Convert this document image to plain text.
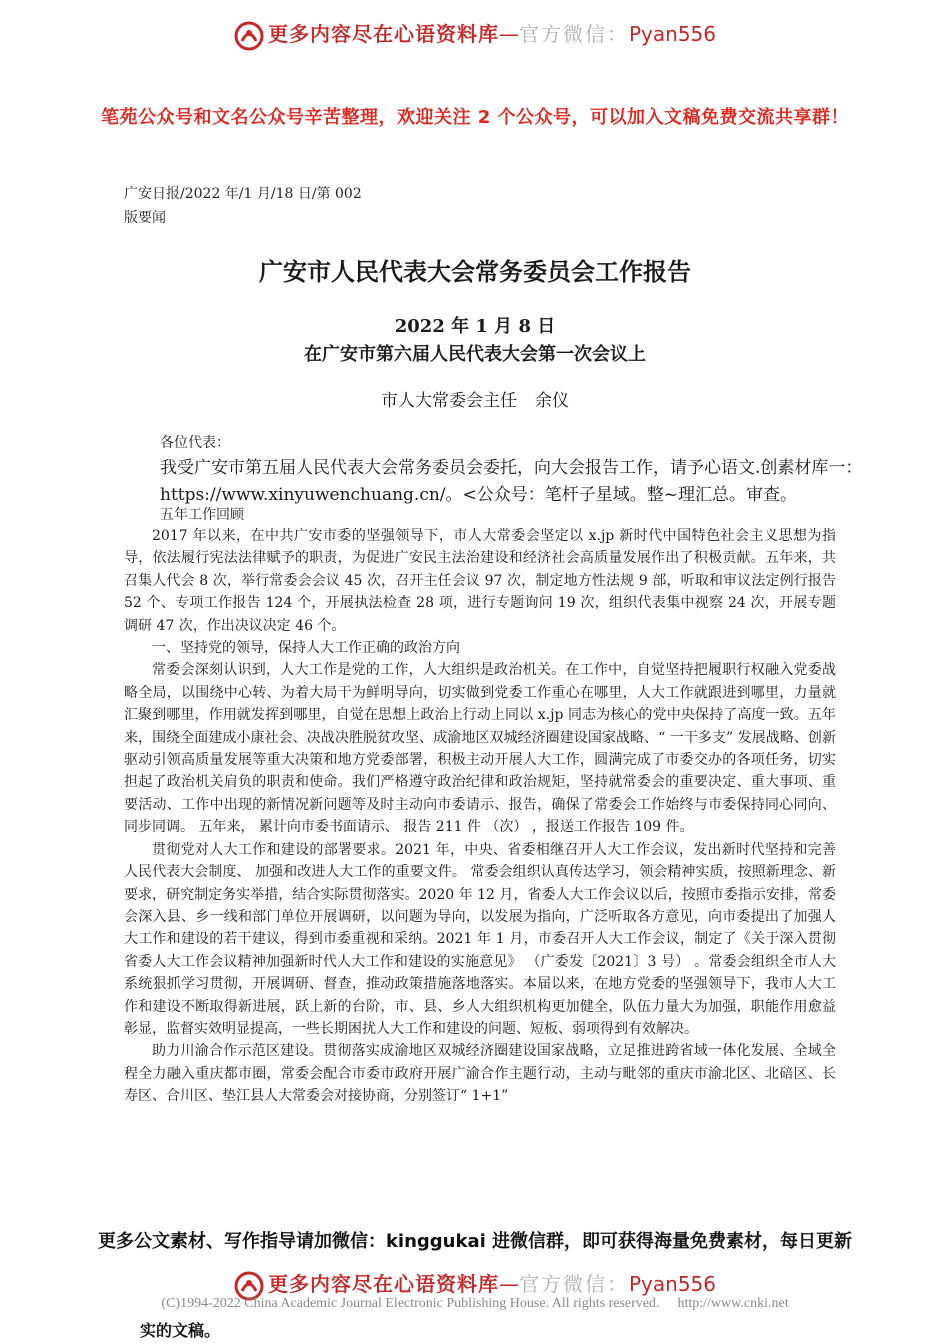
更多内容尽在心语资料库—官方微信：Pyan556
笔苑公众号和文名公众号辛苦整理，欢迎关注 2 个公众号，可以加入文稿免费交流共享群！
广安日报/2022 年/1 月/18 日/第 002
版要闻
广安市人民代表大会常务委员会工作报告
2022 年 1 月 8 日
在广安市第六届人民代表大会第一次会议上
市人大常委会主任 余仪
各位代表：
我受广安市第五届人民代表大会常务委员会委托，向大会报告工作，请予心语文.创素材库一：
https://www.xinyuwenchuang.cn/。<公众号：笔杆子星域。整~理汇总。审查。
五年工作回顾

2017 年以来，在中共广安市委的坚强领导下，市人大常委会坚定以 x.jp 新时代中国特色社会主义思想为指导，依法履行宪法法律赋予的职责，为促进广安民主法治建设和经济社会高质量发展作出了积极贡献。五年来，共召集人代会 8 次，举行常委会会议 45 次，召开主任会议 97 次，制定地方性法规 9 部，听取和审议法定例行报告 52 个、专项工作报告 124 个，开展执法检查 28 项，进行专题询问 19 次，组织代表集中视察 24 次，开展专题调研 47 次，作出决议决定 46 个。

一、坚持党的领导，保持人大工作正确的政治方向

常委会深刻认识到，人大工作是党的工作，人大组织是政治机关。在工作中，自觉坚持把履职行权融入党委战略全局，以围绕中心转、为着大局干为鲜明导向，切实做到党委工作重心在哪里，人大工作就跟进到哪里，力量就汇聚到哪里，作用就发挥到哪里，自觉在思想上政治上行动上同以 x.jp 同志为核心的党中央保持了高度一致。五年来，围绕全面建成小康社会、决战决胜脱贫攻坚、成渝地区双城经济圈建设国家战略、“ 一干多支” 发展战略、创新驱动引领高质量发展等重大决策和地方党委部署，积极主动开展人大工作，圆满完成了市委交办的各项任务，切实担起了政治机关肩负的职责和使命。我们严格遵守政治纪律和政治规矩，坚持就常委会的重要决定、重大事项、重要活动、工作中出现的新情况新问题等及时主动向市委请示、报告，确保了常委会工作始终与市委保持同心同向、 同步同调。 五年来， 累计向市委书面请示、 报告 211 件 （次） ，报送工作报告 109 件。

贯彻党对人大工作和建设的部署要求。2021 年，中央、省委相继召开人大工作会议，发出新时代坚持和完善人民代表大会制度、 加强和改进人大工作的重要文件。 常委会组织认真传达学习，领会精神实质，按照新理念、新要求，研究制定务实举措，结合实际贯彻落实。2020 年 12 月，省委人大工作会议以后，按照市委指示安排，常委会深入县、乡一线和部门单位开展调研，以问题为导向，以发展为指向，广泛听取各方意见，向市委提出了加强人大工作和建设的若干建议，得到市委重视和采纳。2021 年 1 月，市委召开人大工作会议，制定了《关于深入贯彻省委人大工作会议精神加强新时代人大工作和建设的实施意见》 （广委发〔2021〕3 号） 。常委会组织全市人大系统狠抓学习贯彻，开展调研、督查，推动政策措施落地落实。本届以来，在地方党委的坚强领导下，我市人大工作和建设不断取得新进展，跃上新的台阶，市、县、乡人大组织机构更加健全，队伍力量大为加强，职能作用愈益彰显，监督实效明显提高，一些长期困扰人大工作和建设的问题、短板、弱项得到有效解决。

助力川渝合作示范区建设。贯彻落实成渝地区双城经济圈建设国家战略，立足推进跨省域一体化发展、全域全程全力融入重庆都市圈，常委会配合市委市政府开展广渝合作主题行动，主动与毗邻的重庆市渝北区、北碚区、长寿区、合川区、垫江县人大常委会对接协商，分别签订“ 1+1”

更多公文素材、写作指导请加微信：kinggukai 进微信群，即可获得海量免费素材，每日更新
更多内容尽在心语资料库—官方微信：Pyan556
(C)1994-2022 China Academic Journal Electronic Publishing House. All rights reserved. http://www.cnki.net
实的文稿。
